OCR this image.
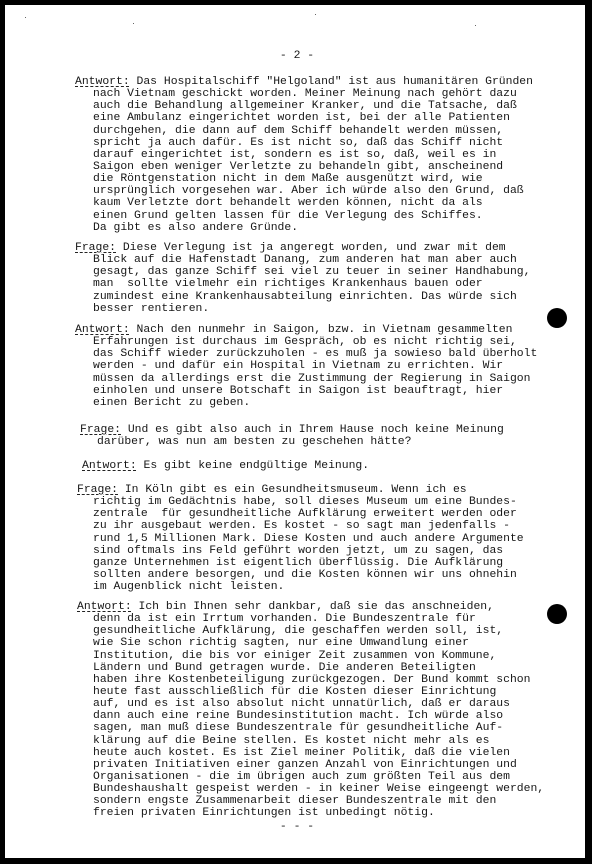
- 2 -
Antwort: Das Hospitalschiff "Helgoland" ist aus humanitären Gründen
nach Vietnam geschickt worden. Meiner Meinung nach gehört dazu
auch die Behandlung allgemeiner Kranker, und die Tatsache, daß
eine Ambulanz eingerichtet worden ist, bei der alle Patienten
durchgehen, die dann auf dem Schiff behandelt werden müssen,
spricht ja auch dafür. Es ist nicht so, daß das Schiff nicht
darauf eingerichtet ist, sondern es ist so, daß, weil es in
Saigon eben weniger Verletzte zu behandeln gibt, anscheinend
die Röntgenstation nicht in dem Maße ausgenützt wird, wie
ursprünglich vorgesehen war. Aber ich würde also den Grund, daß
kaum Verletzte dort behandelt werden können, nicht da als
einen Grund gelten lassen für die Verlegung des Schiffes.
Da gibt es also andere Gründe.
Frage: Diese Verlegung ist ja angeregt worden, und zwar mit dem
Blick auf die Hafenstadt Danang, zum anderen hat man aber auch
gesagt, das ganze Schiff sei viel zu teuer in seiner Handhabung,
man  sollte vielmehr ein richtiges Krankenhaus bauen oder
zumindest eine Krankenhausabteilung einrichten. Das würde sich
besser rentieren.
Antwort: Nach den nunmehr in Saigon, bzw. in Vietnam gesammelten
Erfahrungen ist durchaus im Gespräch, ob es nicht richtig sei,
das Schiff wieder zurückzuholen - es muß ja sowieso bald überholt
werden - und dafür ein Hospital in Vietnam zu errichten. Wir
müssen da allerdings erst die Zustimmung der Regierung in Saigon
einholen und unsere Botschaft in Saigon ist beauftragt, hier
einen Bericht zu geben.
Frage: Und es gibt also auch in Ihrem Hause noch keine Meinung
darüber, was nun am besten zu geschehen hätte?
Antwort: Es gibt keine endgültige Meinung.
Frage: In Köln gibt es ein Gesundheitsmuseum. Wenn ich es
richtig im Gedächtnis habe, soll dieses Museum um eine Bundes-
zentrale  für gesundheitliche Aufklärung erweitert werden oder
zu ihr ausgebaut werden. Es kostet - so sagt man jedenfalls -
rund 1,5 Millionen Mark. Diese Kosten und auch andere Argumente
sind oftmals ins Feld geführt worden jetzt, um zu sagen, das
ganze Unternehmen ist eigentlich überflüssig. Die Aufklärung
sollten andere besorgen, und die Kosten können wir uns ohnehin
im Augenblick nicht leisten.
Antwort: Ich bin Ihnen sehr dankbar, daß sie das anschneiden,
denn da ist ein Irrtum vorhanden. Die Bundeszentrale für
gesundheitliche Aufklärung, die geschaffen werden soll, ist,
wie Sie schon richtig sagten, nur eine Umwandlung einer
Institution, die bis vor einiger Zeit zusammen von Kommune,
Ländern und Bund getragen wurde. Die anderen Beteiligten
haben ihre Kostenbeteiligung zurückgezogen. Der Bund kommt schon
heute fast ausschließlich für die Kosten dieser Einrichtung
auf, und es ist also absolut nicht unnatürlich, daß er daraus
dann auch eine reine Bundesinstitution macht. Ich würde also
sagen, man muß diese Bundeszentrale für gesundheitliche Auf-
klärung auf die Beine stellen. Es kostet nicht mehr als es
heute auch kostet. Es ist Ziel meiner Politik, daß die vielen
privaten Initiativen einer ganzen Anzahl von Einrichtungen und
Organisationen - die im übrigen auch zum größten Teil aus dem
Bundeshaushalt gespeist werden - in keiner Weise eingeengt werden,
sondern engste Zusammenarbeit dieser Bundeszentrale mit den
freien privaten Einrichtungen ist unbedingt nötig.
- - -
